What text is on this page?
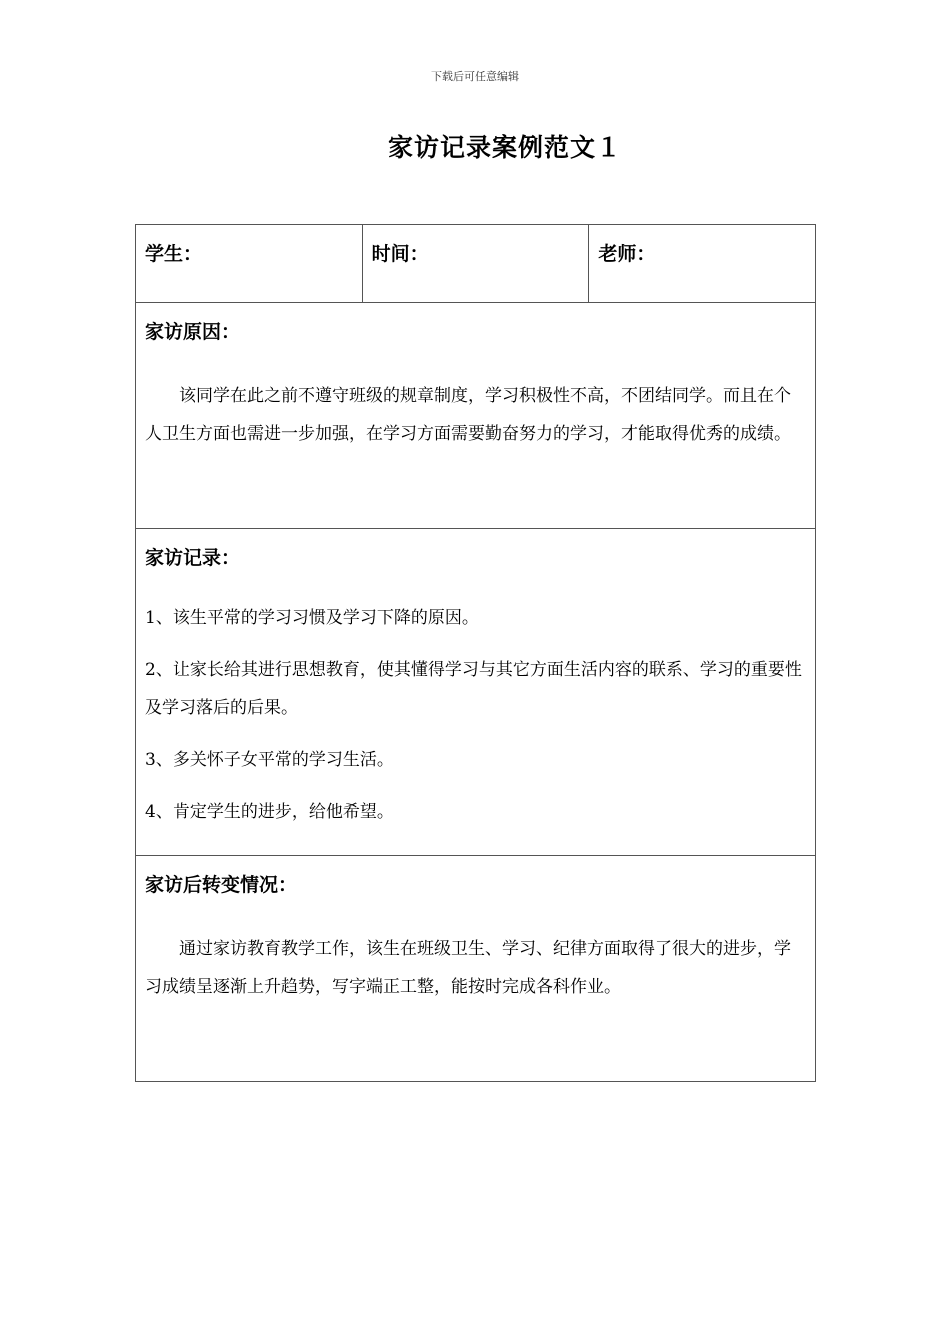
下载后可任意编辑
家访记录案例范文１
学生：	时间：	老师：

家访原因：

该同学在此之前不遵守班级的规章制度，学习积极性不高，不团结同学。而且在个人卫生方面也需进一步加强，在学习方面需要勤奋努力的学习，才能取得优秀的成绩。

家访记录：

1、该生平常的学习习惯及学习下降的原因。

2、让家长给其进行思想教育，使其懂得学习与其它方面生活内容的联系、学习的重要性及学习落后的后果。

3、多关怀子女平常的学习生活。

4、肯定学生的进步，给他希望。

家访后转变情况：

通过家访教育教学工作，该生在班级卫生、学习、纪律方面取得了很大的进步，学习成绩呈逐渐上升趋势，写字端正工整，能按时完成各科作业。
